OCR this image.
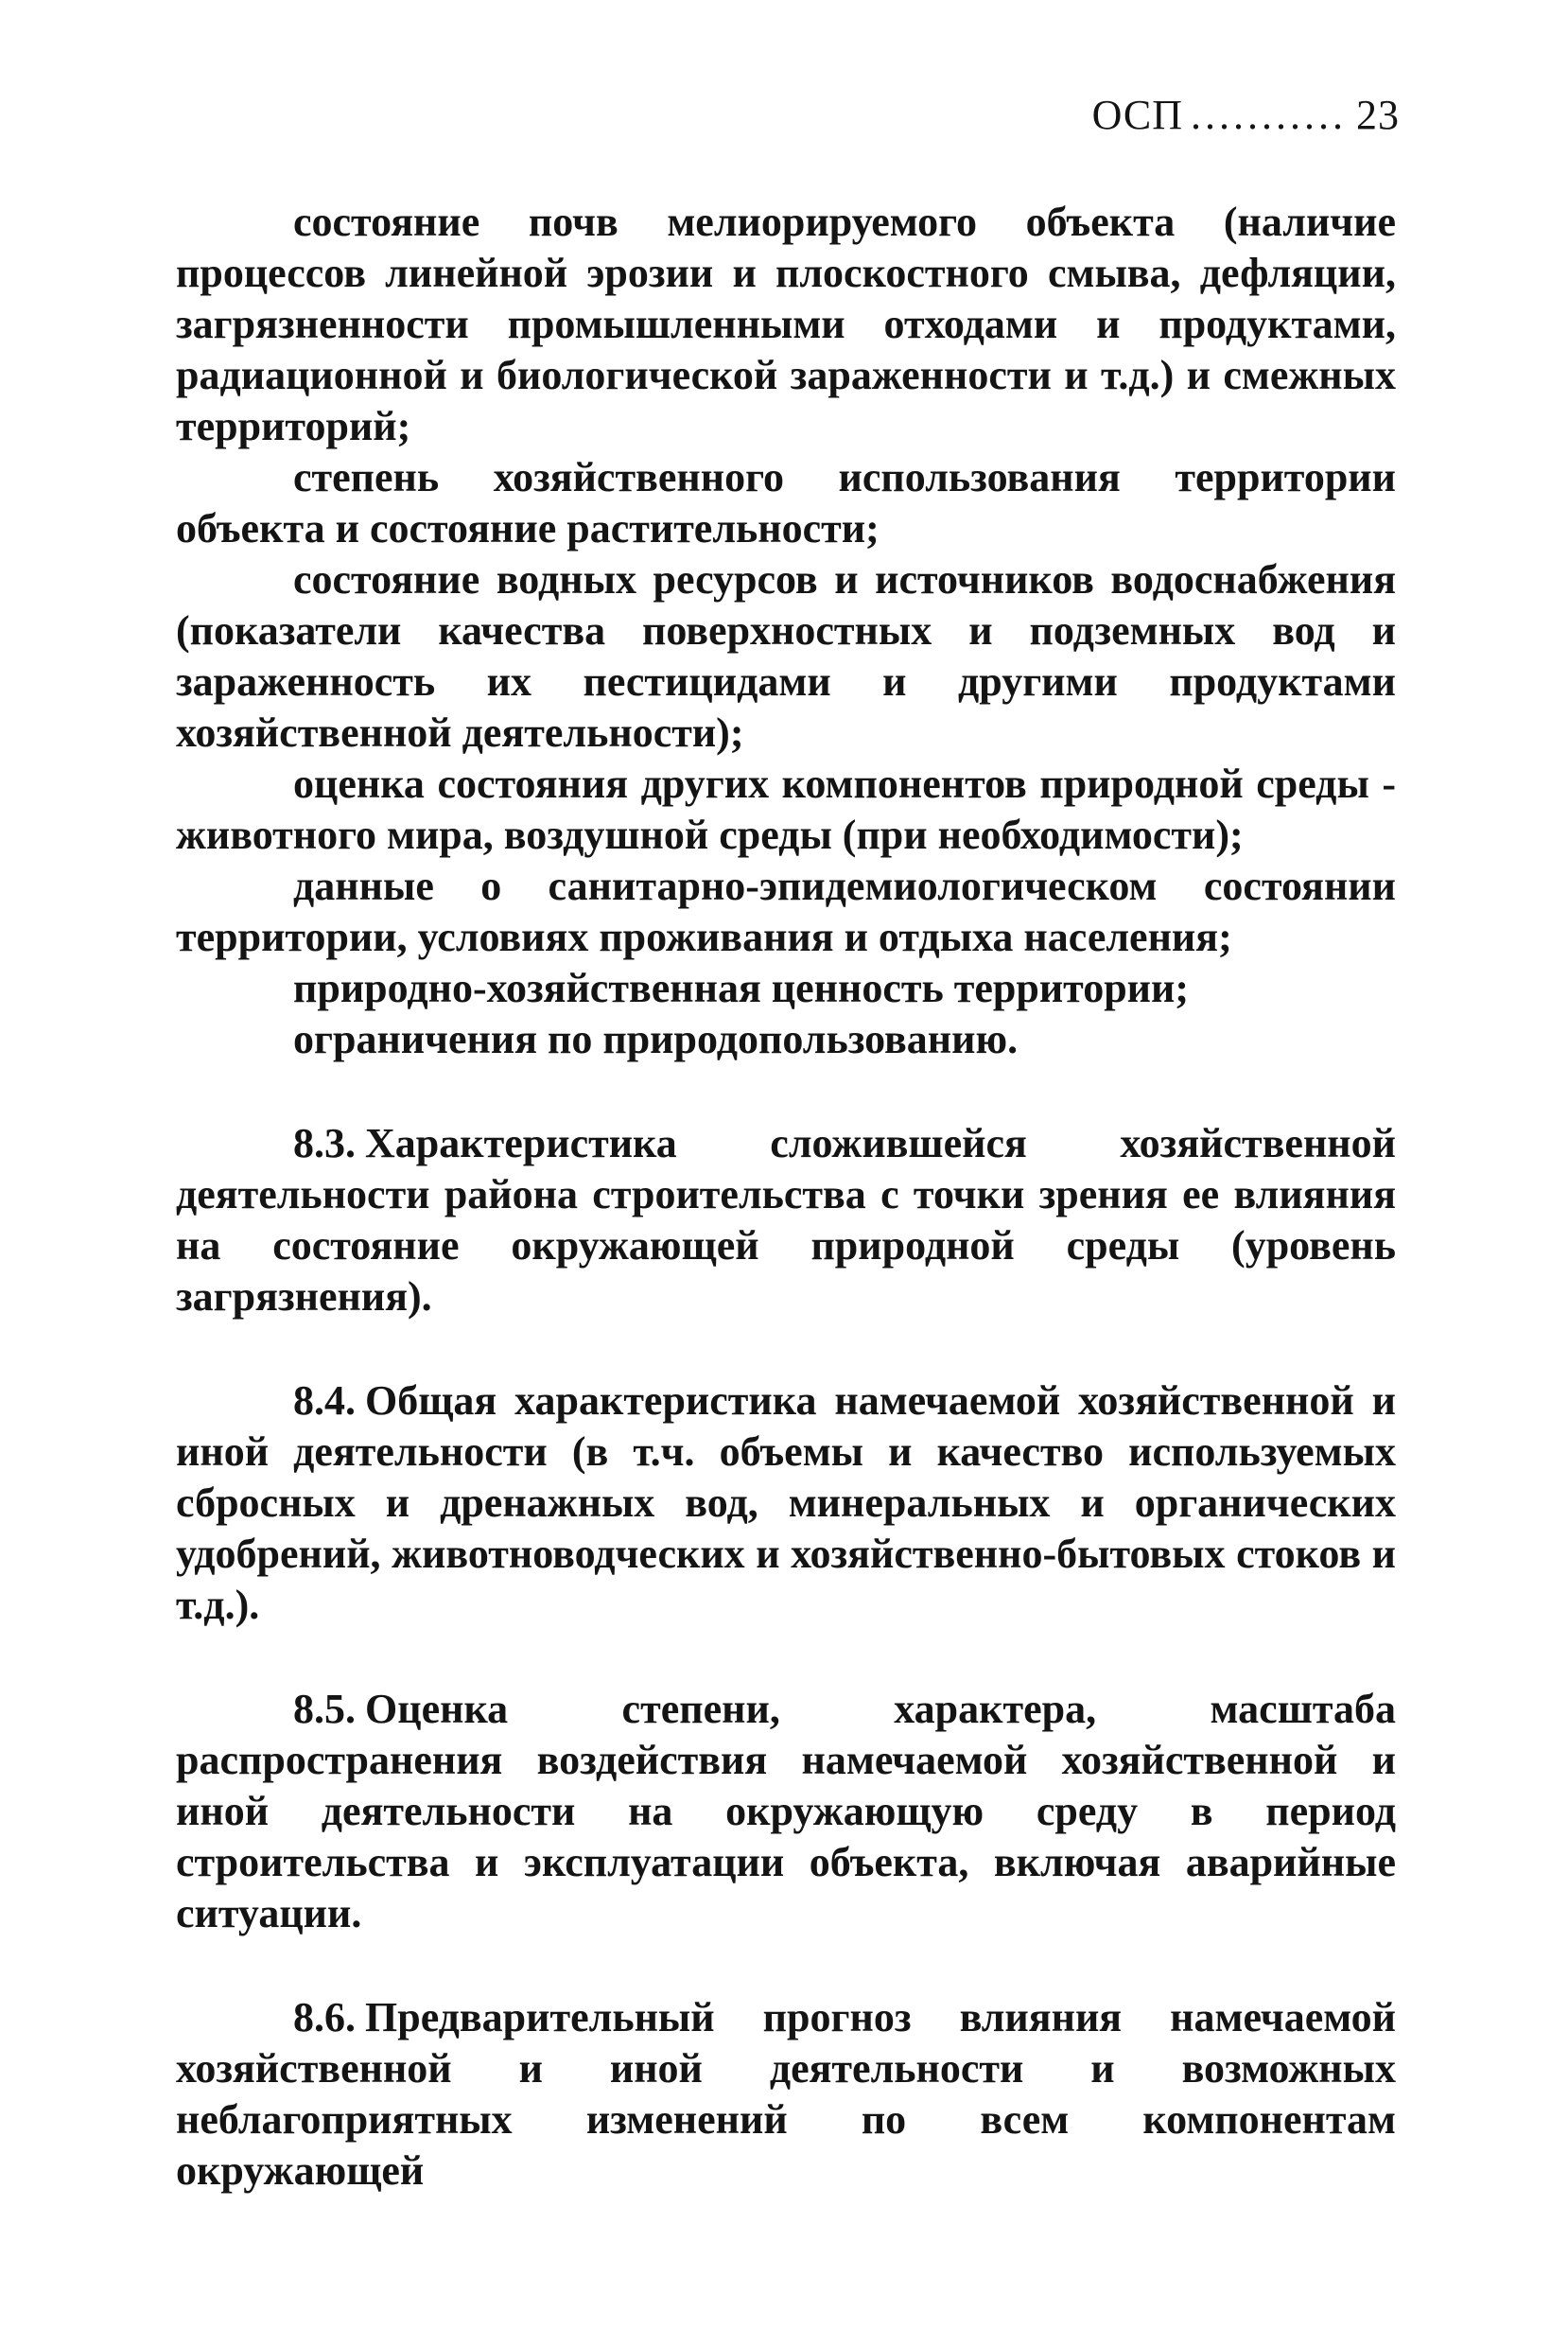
ОСП ........... 23

состояние почв мелиорируемого объекта (наличие процессов линейной эрозии и плоскостного смыва, дефляции, загрязненности промышленными отходами и продуктами, радиационной и биологической зараженности и т.д.) и смежных территорий;

степень хозяйственного использования территории объекта и состояние растительности;

состояние водных ресурсов и источников водоснабжения (показатели качества поверхностных и подземных вод и зараженность их пестицидами и другими продуктами хозяйственной деятельности);

оценка состояния других компонентов природной среды - животного мира, воздушной среды (при необходимости);

данные о санитарно-эпидемиологическом состоянии территории, условиях проживания и отдыха населения;

природно-хозяйственная ценность территории;

ограничения по природопользованию.

8.3. Характеристика сложившейся хозяйственной деятельности района строительства с точки зрения ее влияния на состояние окружающей природной среды (уровень загрязнения).

8.4. Общая характеристика намечаемой хозяйственной и иной деятельности (в т.ч. объемы и качество используемых сбросных и дренажных вод, минеральных и органических удобрений, животноводческих и хозяйственно-бытовых стоков и т.д.).

8.5. Оценка степени, характера, масштаба распространения воздействия намечаемой хозяйственной и иной деятельности на окружающую среду в период строительства и эксплуатации объекта, включая аварийные ситуации.

8.6. Предварительный прогноз влияния намечаемой хозяйственной и иной деятельности и возможных неблагоприятных изменений по всем компонентам окружающей
